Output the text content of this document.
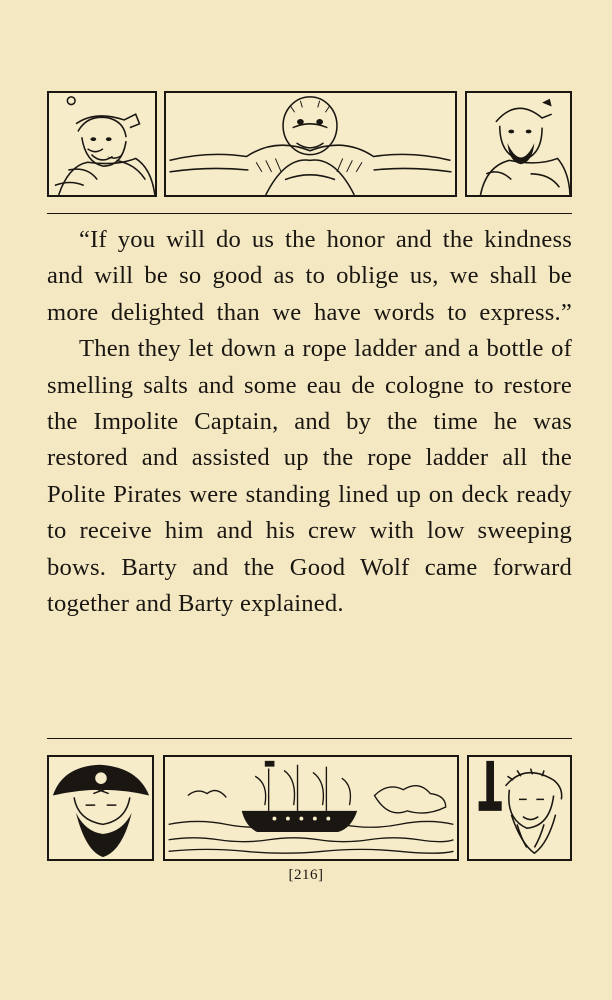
“If you will do us the honor and the kindness and will be so good as to oblige us, we shall be more delighted than we have words to express.”

Then they let down a rope ladder and a bottle of smelling salts and some eau de cologne to restore the Impolite Captain, and by the time he was restored and assisted up the rope ladder all the Polite Pirates were standing lined up on deck ready to receive him and his crew with low sweeping bows. Barty and the Good Wolf came forward together and Barty explained.

[216]
